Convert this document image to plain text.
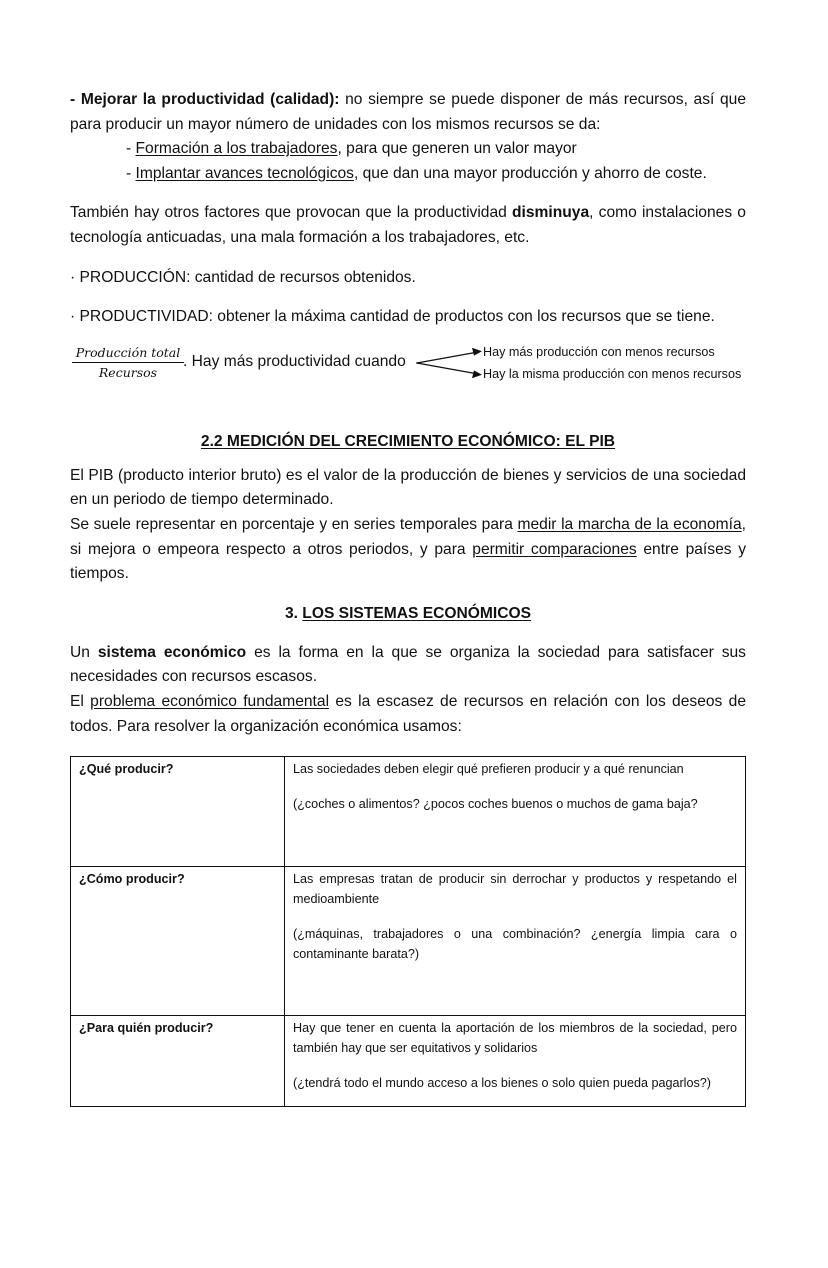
- Mejorar la productividad (calidad): no siempre se puede disponer de más recursos, así que para producir un mayor número de unidades con los mismos recursos se da:

- Formación a los trabajadores, para que generen un valor mayor

- Implantar avances tecnológicos, que dan una mayor producción y ahorro de coste.

También hay otros factores que provocan que la productividad disminuya, como instalaciones o tecnología anticuadas, una mala formación a los trabajadores, etc.

· PRODUCCIÓN: cantidad de recursos obtenidos.

· PRODUCTIVIDAD: obtener la máxima cantidad de productos con los recursos que se tiene.

Producción total
Recursos
. Hay más productividad cuando
Hay más producción con menos recursos
Hay la misma producción con menos recursos
2.2 MEDICIÓN DEL CRECIMIENTO ECONÓMICO: EL PIB

El PIB (producto interior bruto) es el valor de la producción de bienes y servicios de una sociedad en un periodo de tiempo determinado.

Se suele representar en porcentaje y en series temporales para medir la marcha de la economía, si mejora o empeora respecto a otros periodos, y para permitir comparaciones entre países y tiempos.

3. LOS SISTEMAS ECONÓMICOS

Un sistema económico es la forma en la que se organiza la sociedad para satisfacer sus necesidades con recursos escasos.

El problema económico fundamental es la escasez de recursos en relación con los deseos de todos. Para resolver la organización económica usamos:

¿Qué producir?	Las sociedades deben elegir qué prefieren producir y a qué renuncian
(¿coches o alimentos? ¿pocos coches buenos o muchos de gama baja?

¿Cómo producir?	Las empresas tratan de producir sin derrochar y productos y respetando el medioambiente
(¿máquinas, trabajadores o una combinación? ¿energía limpia cara o contaminante barata?)

¿Para quién producir?	Hay que tener en cuenta la aportación de los miembros de la sociedad, pero también hay que ser equitativos y solidarios
(¿tendrá todo el mundo acceso a los bienes o solo quien pueda pagarlos?)
